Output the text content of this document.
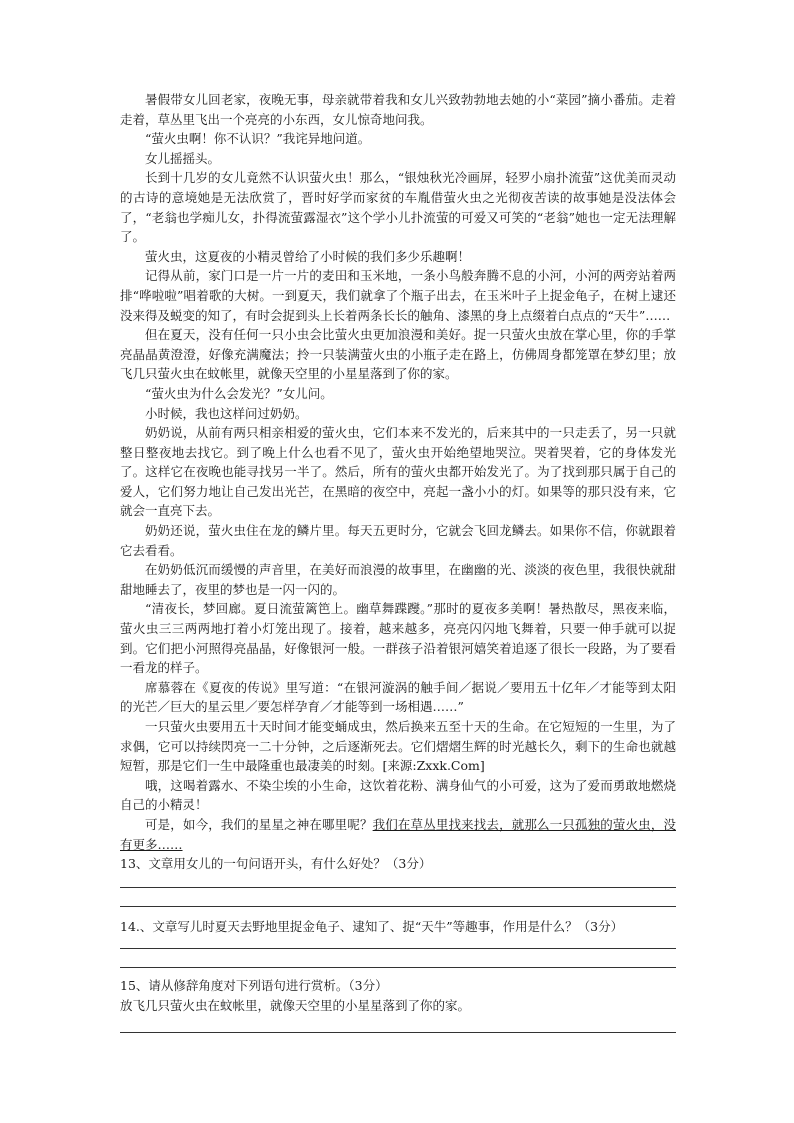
暑假带女儿回老家，夜晚无事，母亲就带着我和女儿兴致勃勃地去她的小“菜园”摘小番茄。走着走着，草丛里飞出一个亮亮的小东西，女儿惊奇地问我。

“萤火虫啊！你不认识？”我诧异地问道。

女儿摇摇头。

长到十几岁的女儿竟然不认识萤火虫！那么，“银烛秋光冷画屏，轻罗小扇扑流萤”这优美而灵动的古诗的意境她是无法欣赏了，晋时好学而家贫的车胤借萤火虫之光彻夜苦读的故事她是没法体会了，“老翁也学痴儿女，扑得流萤露湿衣”这个学小儿扑流萤的可爱又可笑的“老翁”她也一定无法理解了。

萤火虫，这夏夜的小精灵曾给了小时候的我们多少乐趣啊！

记得从前，家门口是一片一片的麦田和玉米地，一条小鸟般奔腾不息的小河，小河的两旁站着两排“哗啦啦”唱着歌的大树。一到夏天，我们就拿了个瓶子出去，在玉米叶子上捉金龟子，在树上逮还没来得及蜕变的知了，有时会捉到头上长着两条长长的触角、漆黑的身上点缀着白点点的“天牛”……

但在夏天，没有任何一只小虫会比萤火虫更加浪漫和美好。捉一只萤火虫放在掌心里，你的手掌亮晶晶黄澄澄，好像充满魔法；拎一只装满萤火虫的小瓶子走在路上，仿佛周身都笼罩在梦幻里；放飞几只萤火虫在蚊帐里，就像天空里的小星星落到了你的家。

“萤火虫为什么会发光？”女儿问。

小时候，我也这样问过奶奶。

奶奶说，从前有两只相亲相爱的萤火虫，它们本来不发光的，后来其中的一只走丢了，另一只就整日整夜地去找它。到了晚上什么也看不见了，萤火虫开始绝望地哭泣。哭着哭着，它的身体发光了。这样它在夜晚也能寻找另一半了。然后，所有的萤火虫都开始发光了。为了找到那只属于自己的爱人，它们努力地让自己发出光芒，在黑暗的夜空中，亮起一盏小小的灯。如果等的那只没有来，它就会一直亮下去。

奶奶还说，萤火虫住在龙的鳞片里。每天五更时分，它就会飞回龙鳞去。如果你不信，你就跟着它去看看。

在奶奶低沉而缓慢的声音里，在美好而浪漫的故事里，在幽幽的光、淡淡的夜色里，我很快就甜甜地睡去了，夜里的梦也是一闪一闪的。

“清夜长，梦回廊。夏日流萤篱笆上。幽草舞蹀躞。”那时的夏夜多美啊！暑热散尽，黑夜来临，萤火虫三三两两地打着小灯笼出现了。接着，越来越多，亮亮闪闪地飞舞着，只要一伸手就可以捉到。它们把小河照得亮晶晶，好像银河一般。一群孩子沿着银河嬉笑着追逐了很长一段路，为了要看一看龙的样子。

席慕蓉在《夏夜的传说》里写道：“在银河漩涡的触手间／据说／要用五十亿年／才能等到太阳的光芒／巨大的星云里／要怎样孕育／才能等到一场相遇……”

一只萤火虫要用五十天时间才能变蛹成虫，然后换来五至十天的生命。在它短短的一生里，为了求偶，它可以持续閃亮一二十分钟，之后逐渐死去。它们熠熠生辉的时光越长久，剩下的生命也就越短暂，那是它们一生中最隆重也最凄美的时刻。[来源:Zxxk.Com]

哦，这喝着露水、不染尘埃的小生命，这饮着花粉、满身仙气的小可爱，这为了爱而勇敢地燃烧自己的小精灵！

可是，如今，我们的星星之神在哪里呢？我们在草丛里找来找去，就那么一只孤独的萤火虫，没有更多……

13、文章用女儿的一句问语开头，有什么好处？（3分）

14.、文章写儿时夏天去野地里捉金龟子、逮知了、捉“天牛”等趣事，作用是什么？（3分）

15、请从修辞角度对下列语句进行赏析。（3分）

放飞几只萤火虫在蚊帐里，就像天空里的小星星落到了你的家。
